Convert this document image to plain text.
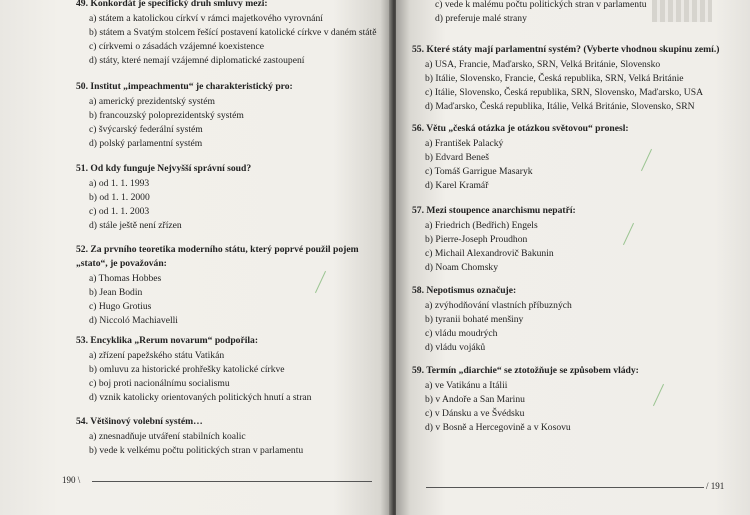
49. Konkordát je specifický druh smluvy mezi:
a) státem a katolickou církví v rámci majetkového vyrovnání
b) státem a Svatým stolcem řešící postavení katolické církve v daném státě
c) církvemi o zásadách vzájemné koexistence
d) státy, které nemají vzájemné diplomatické zastoupení
50. Institut „impeachmentu“ je charakteristický pro:
a) americký prezidentský systém
b) francouzský poloprezidentský systém
c) švýcarský federální systém
d) polský parlamentní systém
51. Od kdy funguje Nejvyšší správní soud?
a) od 1. 1. 1993
b) od 1. 1. 2000
c) od 1. 1. 2003
d) stále ještě není zřízen
52. Za prvního teoretika moderního státu, který poprvé použil pojem „stato“, je považován:
a) Thomas Hobbes
b) Jean Bodin
c) Hugo Grotius
d) Niccoló Machiavelli
53. Encyklika „Rerum novarum“ podpořila:
a) zřízení papežského státu Vatikán
b) omluvu za historické prohřešky katolické církve
c) boj proti nacionálnímu socialismu
d) vznik katolicky orientovaných politických hnutí a stran
54. Většinový volební systém…
a) znesnadňuje utváření stabilních koalic
b) vede k velkému počtu politických stran v parlamentu
190 \
c) vede k malému počtu politických stran v parlamentu
d) preferuje malé strany
55. Které státy mají parlamentní systém? (Vyberte vhodnou skupinu zemí.)
a) USA, Francie, Maďarsko, SRN, Velká Británie, Slovensko
b) Itálie, Slovensko, Francie, Česká republika, SRN, Velká Británie
c) Itálie, Slovensko, Česká republika, SRN, Slovensko, Maďarsko, USA
d) Maďarsko, Česká republika, Itálie, Velká Británie, Slovensko, SRN
56. Větu „česká otázka je otázkou světovou“ pronesl:
a) František Palacký
b) Edvard Beneš
c) Tomáš Garrigue Masaryk
d) Karel Kramář
57. Mezi stoupence anarchismu nepatří:
a) Friedrich (Bedřich) Engels
b) Pierre-Joseph Proudhon
c) Michail Alexandrovič Bakunin
d) Noam Chomsky
58. Nepotismus označuje:
a) zvýhodňování vlastních příbuzných
b) tyranii bohaté menšiny
c) vládu moudrých
d) vládu vojáků
59. Termín „diarchie“ se ztotožňuje se způsobem vlády:
a) ve Vatikánu a Itálii
b) v Andoře a San Marinu
c) v Dánsku a ve Švédsku
d) v Bosně a Hercegovině a v Kosovu
/ 191
